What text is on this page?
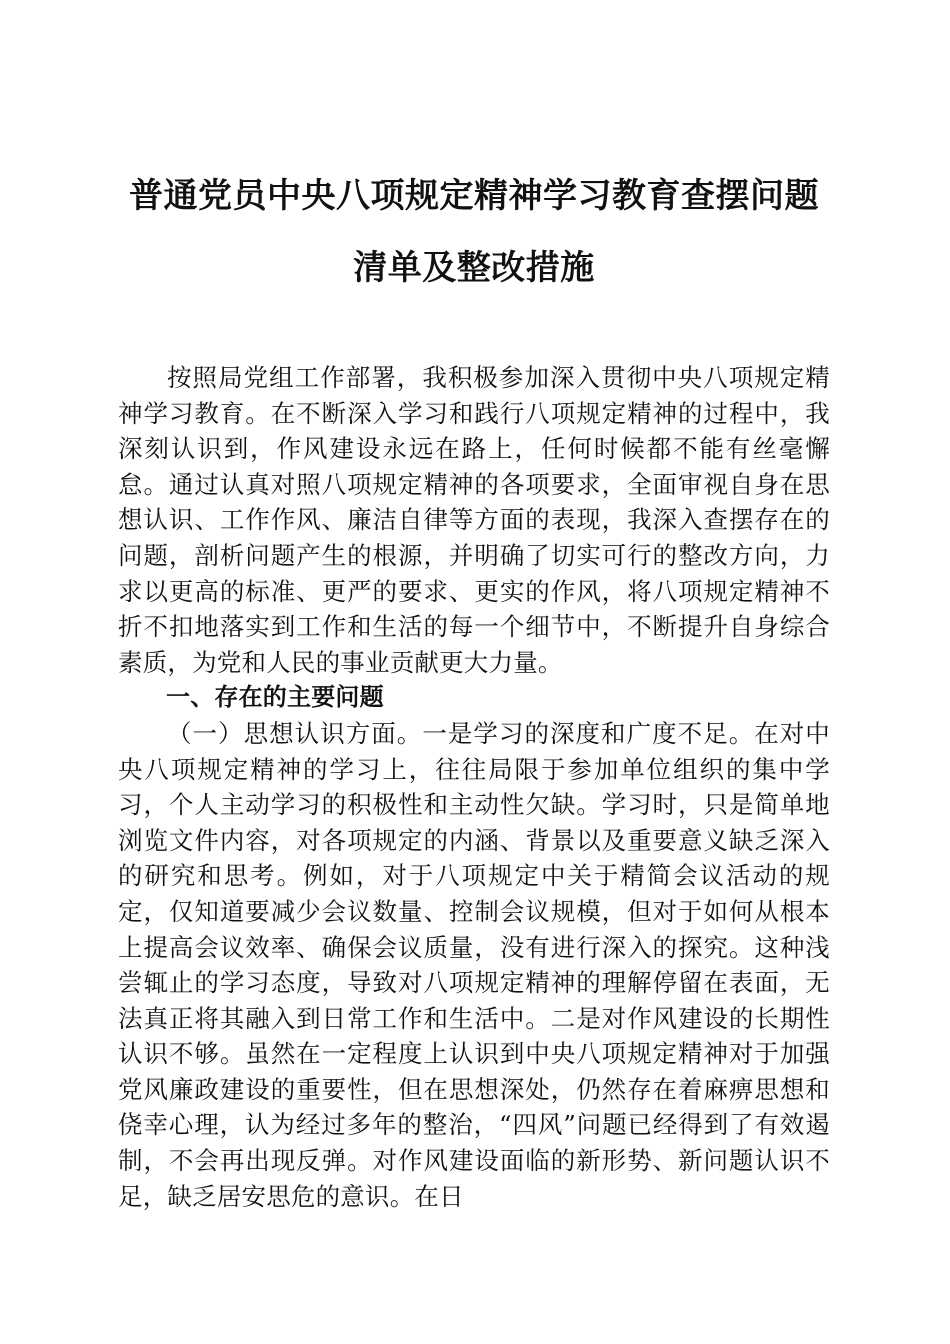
普通党员中央八项规定精神学习教育查摆问题
清单及整改措施

按照局党组工作部署，我积极参加深入贯彻中央八项规定精神学习教育。在不断深入学习和践行八项规定精神的过程中，我深刻认识到，作风建设永远在路上，任何时候都不能有丝毫懈怠。通过认真对照八项规定精神的各项要求，全面审视自身在思想认识、工作作风、廉洁自律等方面的表现，我深入查摆存在的问题，剖析问题产生的根源，并明确了切实可行的整改方向，力求以更高的标准、更严的要求、更实的作风，将八项规定精神不折不扣地落实到工作和生活的每一个细节中，不断提升自身综合素质，为党和人民的事业贡献更大力量。

一、存在的主要问题

（一）思想认识方面。一是学习的深度和广度不足。在对中央八项规定精神的学习上，往往局限于参加单位组织的集中学习，个人主动学习的积极性和主动性欠缺。学习时，只是简单地浏览文件内容，对各项规定的内涵、背景以及重要意义缺乏深入的研究和思考。例如，对于八项规定中关于精简会议活动的规定，仅知道要减少会议数量、控制会议规模，但对于如何从根本上提高会议效率、确保会议质量，没有进行深入的探究。这种浅尝辄止的学习态度，导致对八项规定精神的理解停留在表面，无法真正将其融入到日常工作和生活中。二是对作风建设的长期性认识不够。虽然在一定程度上认识到中央八项规定精神对于加强党风廉政建设的重要性，但在思想深处，仍然存在着麻痹思想和侥幸心理，认为经过多年的整治，“四风”问题已经得到了有效遏制，不会再出现反弹。对作风建设面临的新形势、新问题认识不足，缺乏居安思危的意识。在日
